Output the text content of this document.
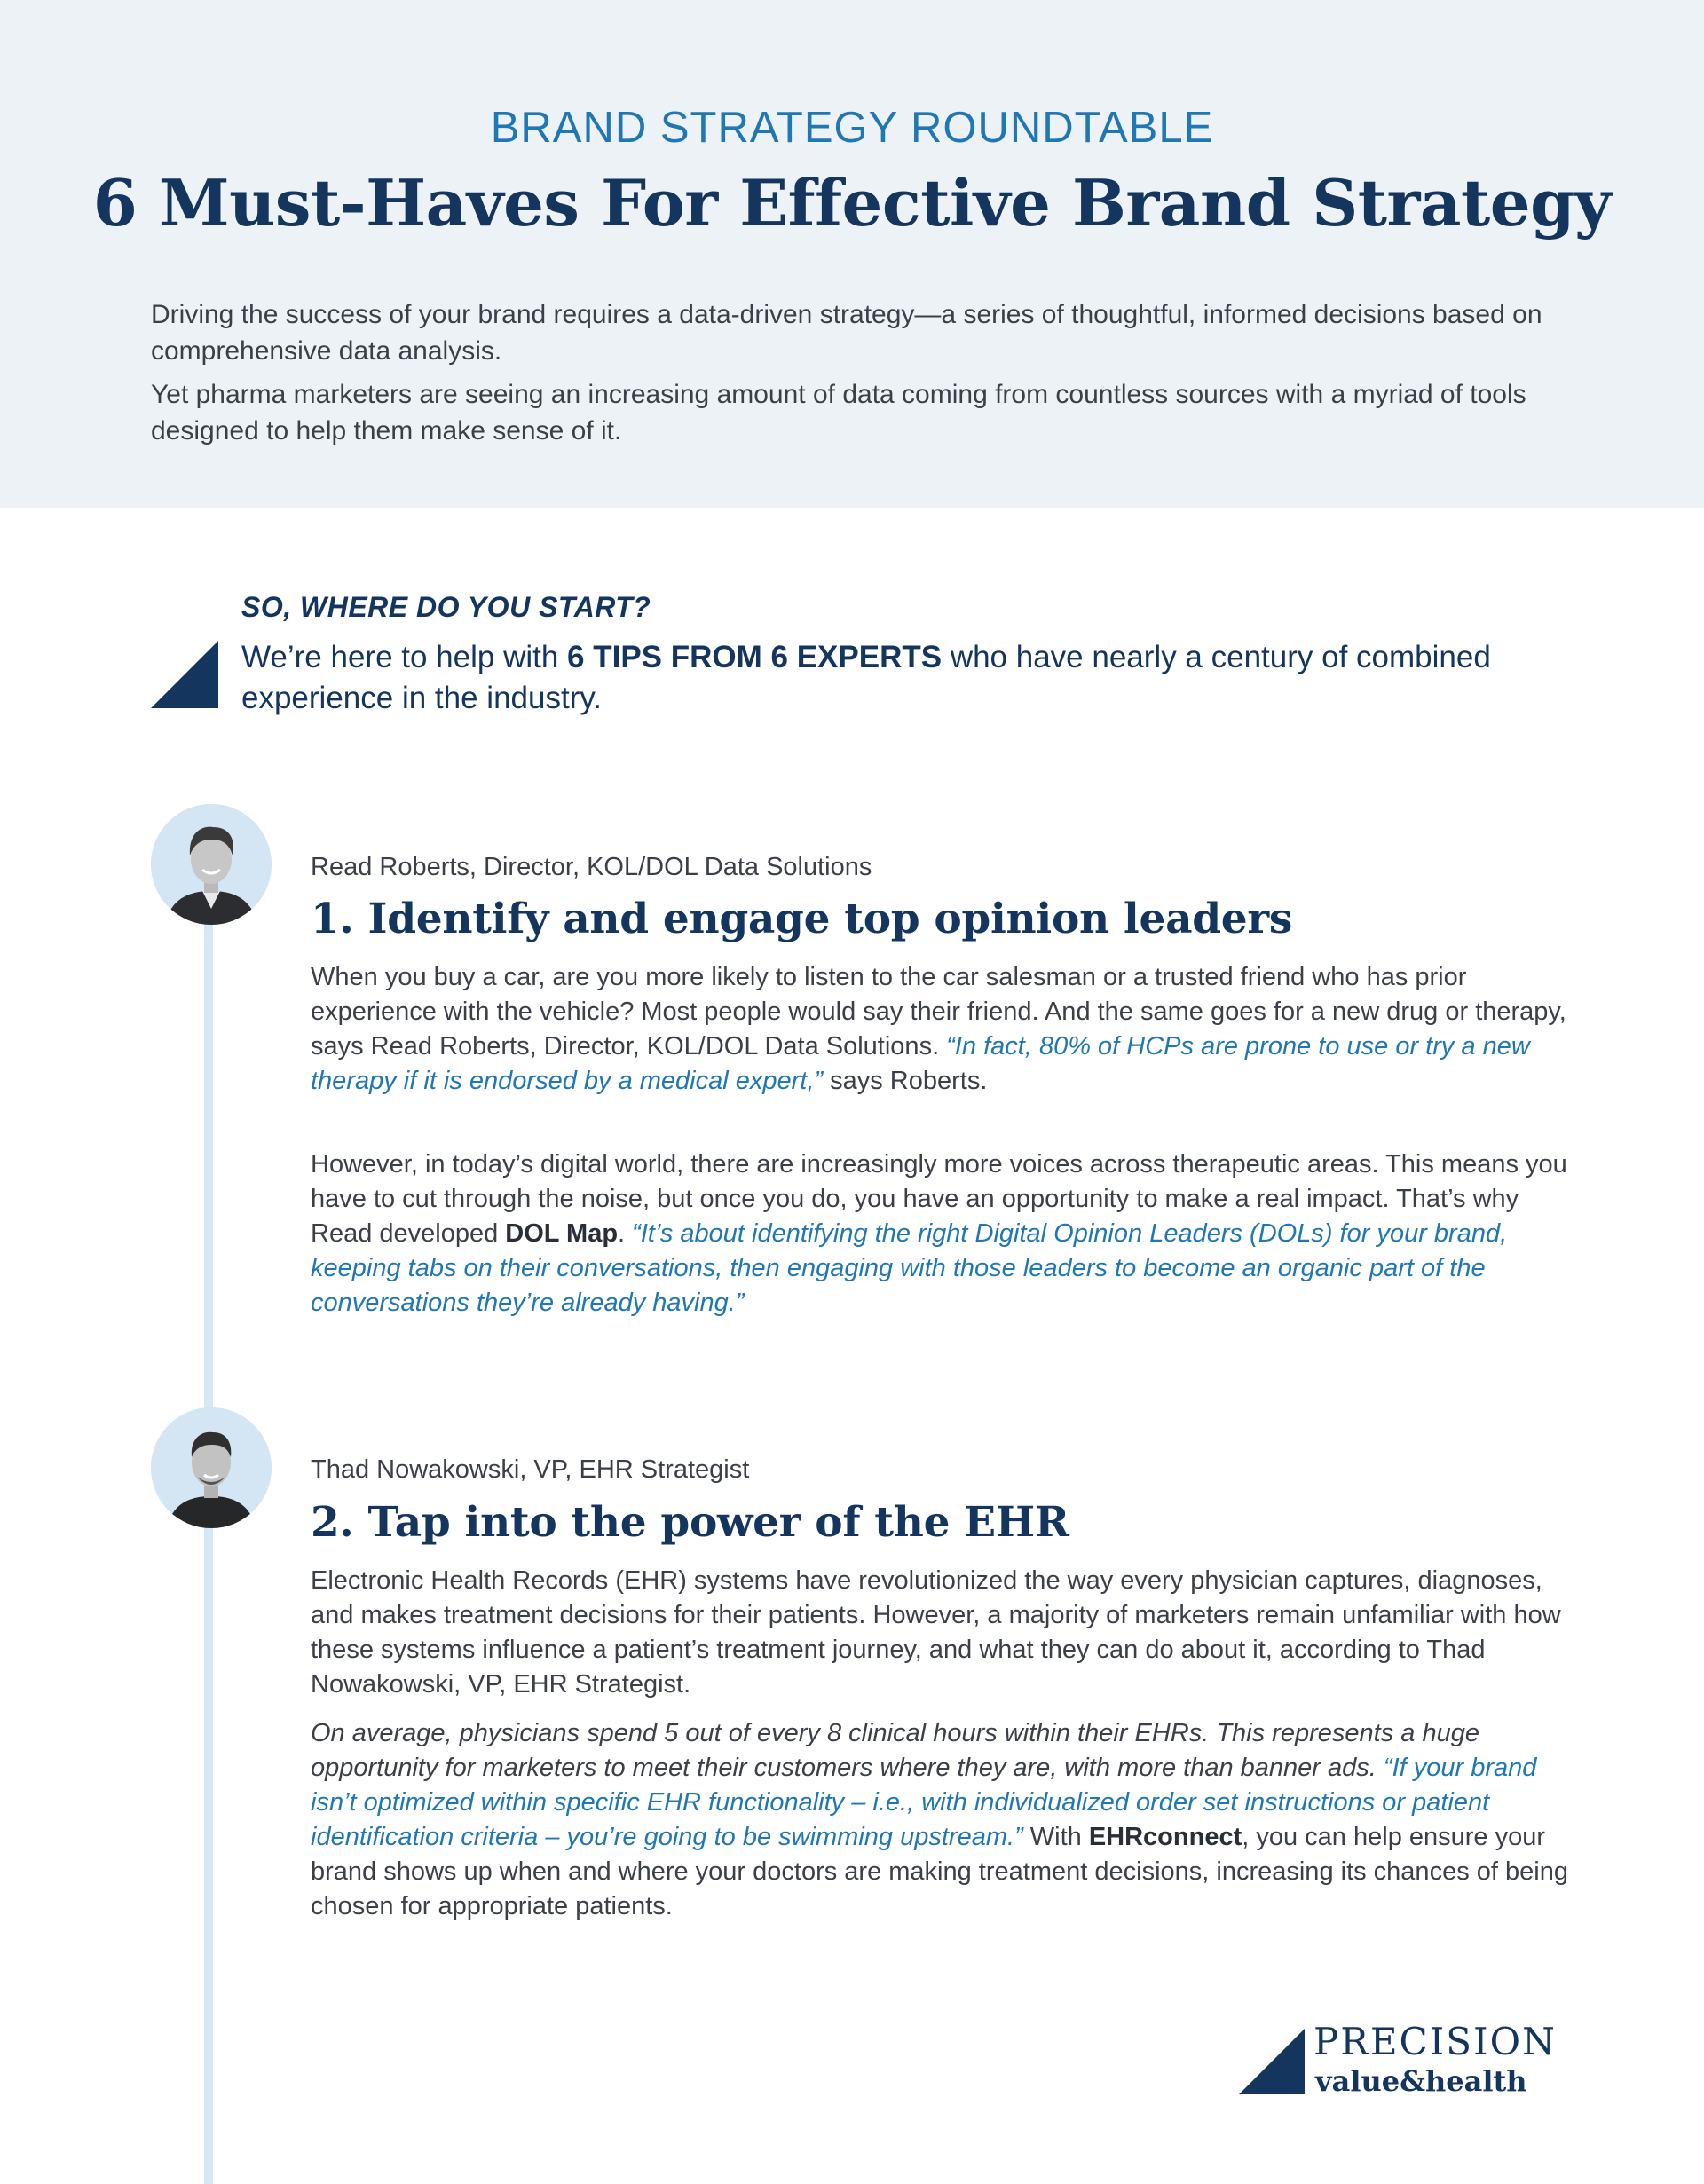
BRAND STRATEGY ROUNDTABLE
6 Must-Haves For Effective Brand Strategy
Driving the success of your brand requires a data-driven strategy—a series of thoughtful, informed decisions based on comprehensive data analysis.
Yet pharma marketers are seeing an increasing amount of data coming from countless sources with a myriad of tools designed to help them make sense of it.
SO, WHERE DO YOU START?
We’re here to help with 6 TIPS FROM 6 EXPERTS who have nearly a century of combined experience in the industry.
Read Roberts, Director, KOL/DOL Data Solutions
1. Identify and engage top opinion leaders
When you buy a car, are you more likely to listen to the car salesman or a trusted friend who has prior experience with the vehicle? Most people would say their friend. And the same goes for a new drug or therapy, says Read Roberts, Director, KOL/DOL Data Solutions. “In fact, 80% of HCPs are prone to use or try a new therapy if it is endorsed by a medical expert,” says Roberts.
However, in today’s digital world, there are increasingly more voices across therapeutic areas. This means you have to cut through the noise, but once you do, you have an opportunity to make a real impact. That’s why Read developed DOL Map. “It’s about identifying the right Digital Opinion Leaders (DOLs) for your brand, keeping tabs on their conversations, then engaging with those leaders to become an organic part of the conversations they’re already having.”
Thad Nowakowski, VP, EHR Strategist
2. Tap into the power of the EHR
Electronic Health Records (EHR) systems have revolutionized the way every physician captures, diagnoses, and makes treatment decisions for their patients. However, a majority of marketers remain unfamiliar with how these systems influence a patient’s treatment journey, and what they can do about it, according to Thad Nowakowski, VP, EHR Strategist.
On average, physicians spend 5 out of every 8 clinical hours within their EHRs. This represents a huge opportunity for marketers to meet their customers where they are, with more than banner ads. “If your brand isn’t optimized within specific EHR functionality – i.e., with individualized order set instructions or patient identification criteria – you’re going to be swimming upstream.” With EHRconnect, you can help ensure your brand shows up when and where your doctors are making treatment decisions, increasing its chances of being chosen for appropriate patients.
PRECISION
value&health
